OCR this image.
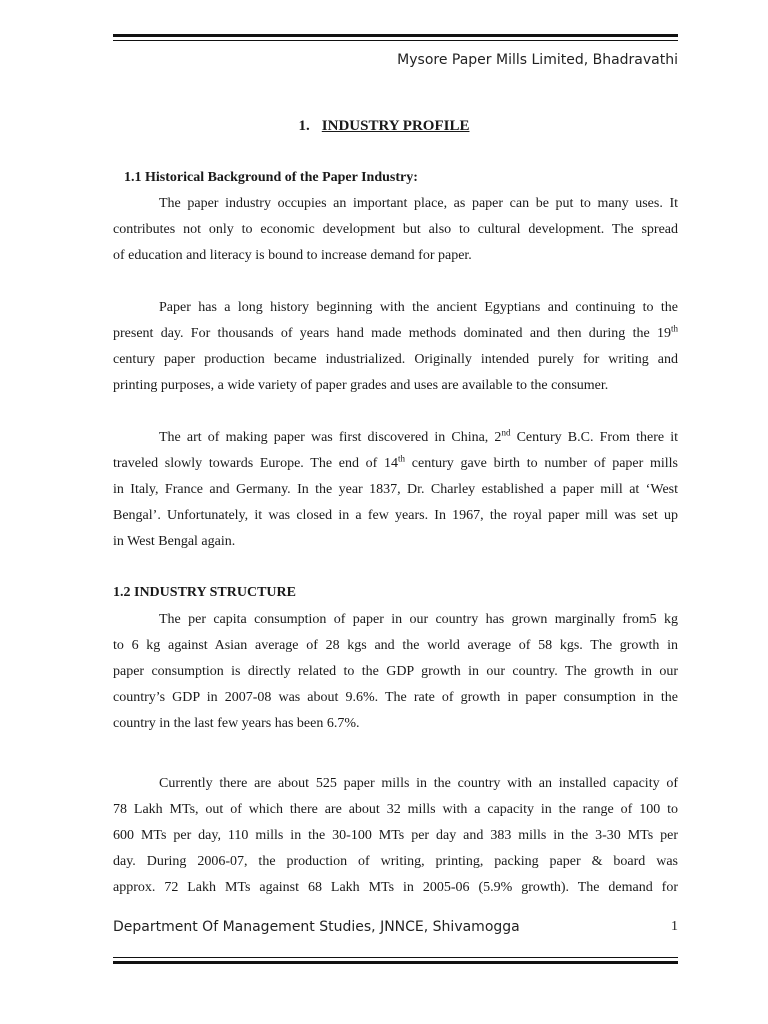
Mysore Paper Mills Limited, Bhadravathi
1. INDUSTRY PROFILE
1.1 Historical Background of the Paper Industry:
The paper industry occupies an important place, as paper can be put to many uses. It
contributes not only to economic development but also to cultural development. The spread
of education and literacy is bound to increase demand for paper.
Paper has a long history beginning with the ancient Egyptians and continuing to the
present day. For thousands of years hand made methods dominated and then during the 19th
century paper production became industrialized. Originally intended purely for writing and
printing purposes, a wide variety of paper grades and uses are available to the consumer.
The art of making paper was first discovered in China, 2nd Century B.C. From there it
traveled slowly towards Europe. The end of 14th century gave birth to number of paper mills
in Italy, France and Germany. In the year 1837, Dr. Charley established a paper mill at ‘West
Bengal’. Unfortunately, it was closed in a few years. In 1967, the royal paper mill was set up
in West Bengal again.
1.2 INDUSTRY STRUCTURE
The per capita consumption of paper in our country has grown marginally from5 kg
to 6 kg against Asian average of 28 kgs and the world average of 58 kgs. The growth in
paper consumption is directly related to the GDP growth in our country. The growth in our
country’s GDP in 2007-08 was about 9.6%. The rate of growth in paper consumption in the
country in the last few years has been 6.7%.
Currently there are about 525 paper mills in the country with an installed capacity of
78 Lakh MTs, out of which there are about 32 mills with a capacity in the range of 100 to
600 MTs per day, 110 mills in the 30-100 MTs per day and 383 mills in the 3-30 MTs per
day. During 2006-07, the production of writing, printing, packing paper & board was
approx. 72 Lakh MTs against 68 Lakh MTs in 2005-06 (5.9% growth). The demand for
Department Of Management Studies, JNNCE, Shivamogga	1
